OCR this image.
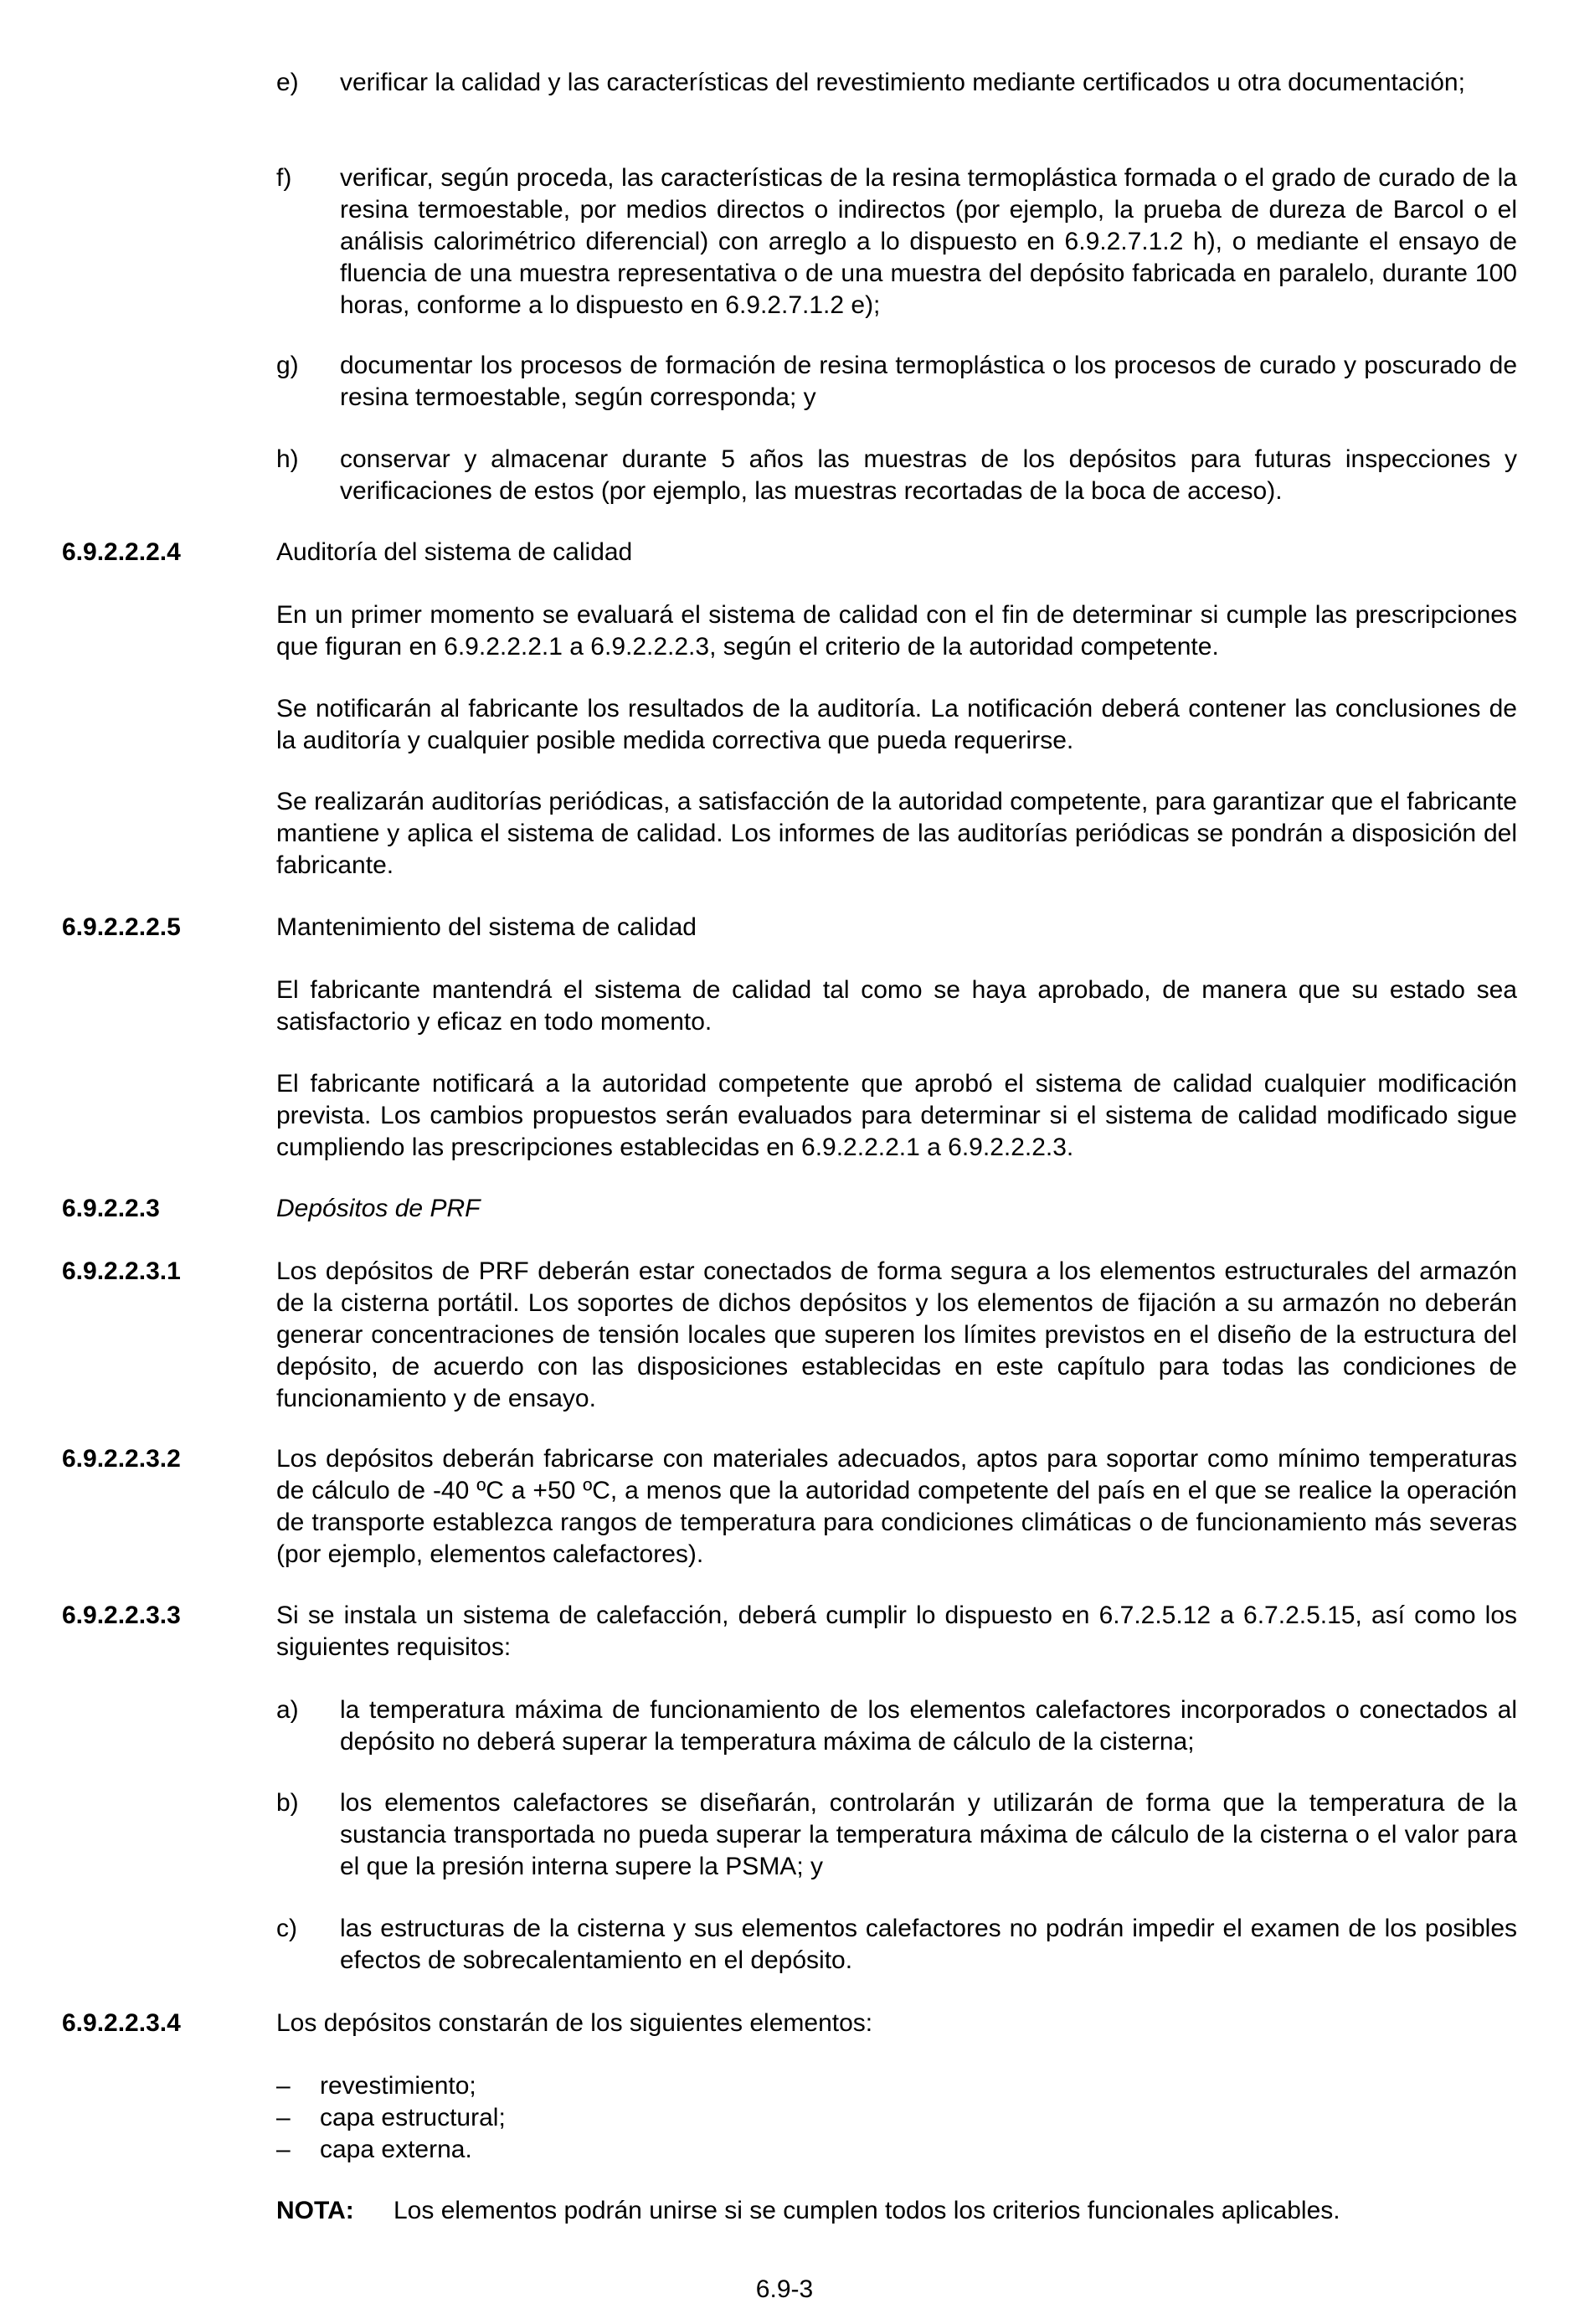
e) verificar la calidad y las características del revestimiento mediante certificados u otra documentación;
f) verificar, según proceda, las características de la resina termoplástica formada o el grado de curado de la resina termoestable, por medios directos o indirectos (por ejemplo, la prueba de dureza de Barcol o el análisis calorimétrico diferencial) con arreglo a lo dispuesto en 6.9.2.7.1.2 h), o mediante el ensayo de fluencia de una muestra representativa o de una muestra del depósito fabricada en paralelo, durante 100 horas, conforme a lo dispuesto en 6.9.2.7.1.2 e);
g) documentar los procesos de formación de resina termoplástica o los procesos de curado y poscurado de resina termoestable, según corresponda; y
h) conservar y almacenar durante 5 años las muestras de los depósitos para futuras inspecciones y verificaciones de estos (por ejemplo, las muestras recortadas de la boca de acceso).
6.9.2.2.2.4	Auditoría del sistema de calidad
En un primer momento se evaluará el sistema de calidad con el fin de determinar si cumple las prescripciones que figuran en 6.9.2.2.2.1 a 6.9.2.2.2.3, según el criterio de la autoridad competente.
Se notificarán al fabricante los resultados de la auditoría. La notificación deberá contener las conclusiones de la auditoría y cualquier posible medida correctiva que pueda requerirse.
Se realizarán auditorías periódicas, a satisfacción de la autoridad competente, para garantizar que el fabricante mantiene y aplica el sistema de calidad. Los informes de las auditorías periódicas se pondrán a disposición del fabricante.
6.9.2.2.2.5	Mantenimiento del sistema de calidad
El fabricante mantendrá el sistema de calidad tal como se haya aprobado, de manera que su estado sea satisfactorio y eficaz en todo momento.
El fabricante notificará a la autoridad competente que aprobó el sistema de calidad cualquier modificación prevista. Los cambios propuestos serán evaluados para determinar si el sistema de calidad modificado sigue cumpliendo las prescripciones establecidas en 6.9.2.2.2.1 a 6.9.2.2.2.3.
6.9.2.2.3	Depósitos de PRF
6.9.2.2.3.1	Los depósitos de PRF deberán estar conectados de forma segura a los elementos estructurales del armazón de la cisterna portátil. Los soportes de dichos depósitos y los elementos de fijación a su armazón no deberán generar concentraciones de tensión locales que superen los límites previstos en el diseño de la estructura del depósito, de acuerdo con las disposiciones establecidas en este capítulo para todas las condiciones de funcionamiento y de ensayo.
6.9.2.2.3.2	Los depósitos deberán fabricarse con materiales adecuados, aptos para soportar como mínimo temperaturas de cálculo de -40 ºC a +50 ºC, a menos que la autoridad competente del país en el que se realice la operación de transporte establezca rangos de temperatura para condiciones climáticas o de funcionamiento más severas (por ejemplo, elementos calefactores).
6.9.2.2.3.3	Si se instala un sistema de calefacción, deberá cumplir lo dispuesto en 6.7.2.5.12 a 6.7.2.5.15, así como los siguientes requisitos:
a) la temperatura máxima de funcionamiento de los elementos calefactores incorporados o conectados al depósito no deberá superar la temperatura máxima de cálculo de la cisterna;
b) los elementos calefactores se diseñarán, controlarán y utilizarán de forma que la temperatura de la sustancia transportada no pueda superar la temperatura máxima de cálculo de la cisterna o el valor para el que la presión interna supere la PSMA; y
c) las estructuras de la cisterna y sus elementos calefactores no podrán impedir el examen de los posibles efectos de sobrecalentamiento en el depósito.
6.9.2.2.3.4	Los depósitos constarán de los siguientes elementos:
– revestimiento;
– capa estructural;
– capa externa.
NOTA: Los elementos podrán unirse si se cumplen todos los criterios funcionales aplicables.
6.9-3
